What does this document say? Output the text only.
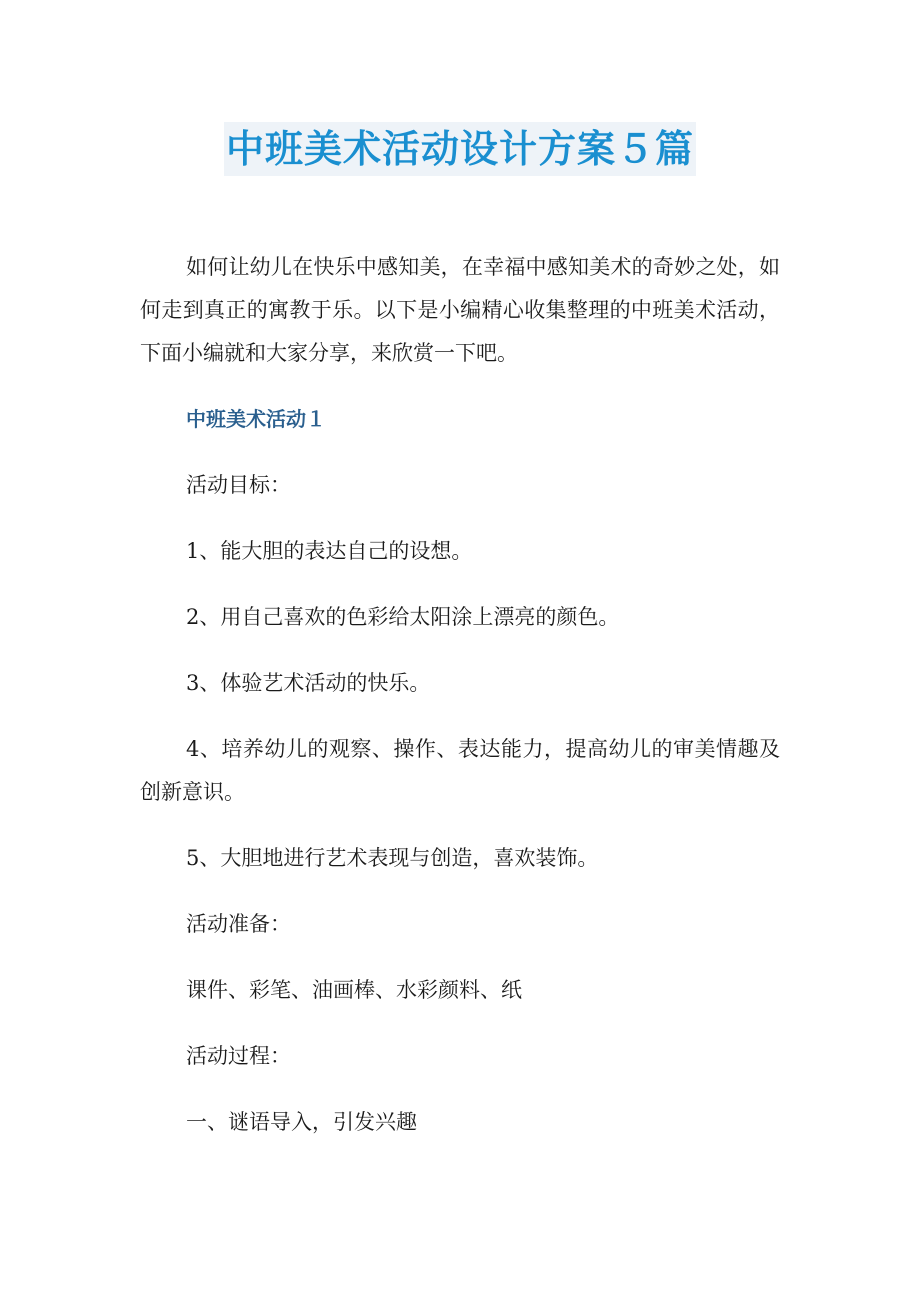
中班美术活动设计方案５篇

如何让幼儿在快乐中感知美，在幸福中感知美术的奇妙之处，如何走到真正的寓教于乐。以下是小编精心收集整理的中班美术活动，下面小编就和大家分享，来欣赏一下吧。

中班美术活动１

活动目标：

1、能大胆的表达自己的设想。

2、用自己喜欢的色彩给太阳涂上漂亮的颜色。

3、体验艺术活动的快乐。

4、培养幼儿的观察、操作、表达能力，提高幼儿的审美情趣及创新意识。

5、大胆地进行艺术表现与创造，喜欢装饰。

活动准备：

课件、彩笔、油画棒、水彩颜料、纸

活动过程：

一、谜语导入，引发兴趣
